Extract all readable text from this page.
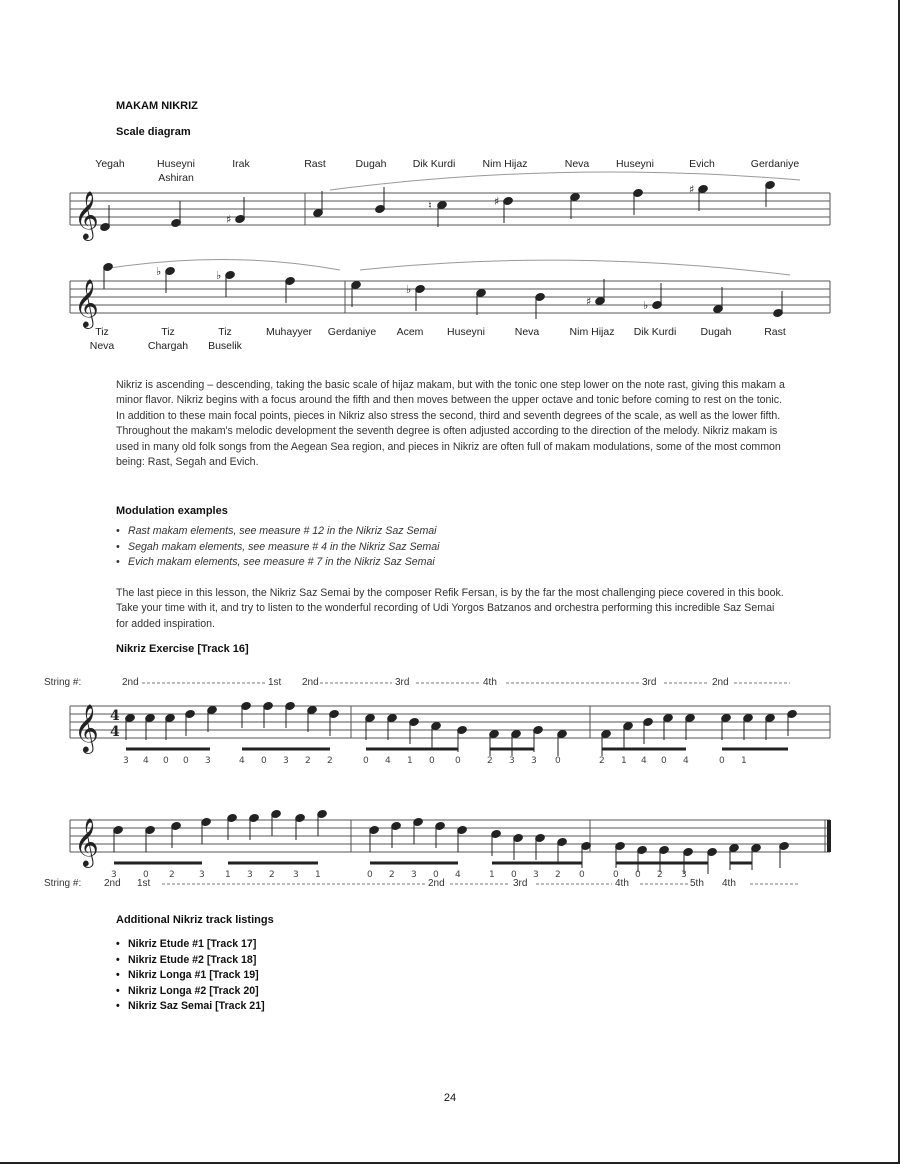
MAKAM NIKRIZ
Scale diagram
Yegah	Huseyni
Ashiran
Irak	Rast	Dugah Dik Kurdi	Nim Hijaz	Neva	Huseyni	Evich	Gerdaniye
Tiz
Neva
Tiz
Chargah
Tiz
Buselik
Muhayyer Gerdaniye Acem Huseyni	Neva	Nim Hijaz Dik Kurdi Dugah	Rast
𝄞
𝄞
𝄞
𝄞
4
4
♯
♮	♯
♯
♭	♭
♭
♯	♭
3 4 0 0 3	4 0 3 2 2	0 4 1 0 0	2 3 3 0	2 1 4 0 4	0 1
3	0 2	3 1 3 2 3 1	0 2 3 0 4	1 0 3 2 0	0 0 2 3
Nikriz is ascending – descending, taking the basic scale of hijaz makam, but with the tonic one step lower on the note rast, giving this makam a minor flavor. Nikriz begins with a focus around the fifth and then moves between the upper octave and tonic before coming to rest on the tonic. In addition to these main focal points, pieces in Nikriz also stress the second, third and seventh degrees of the scale, as well as the lower fifth. Throughout the makam's melodic development the seventh degree is often adjusted according to the direction of the melody. Nikriz makam is used in many old folk songs from the Aegean Sea region, and pieces in Nikriz are often full of makam modulations, some of the most common being: Rast, Segah and Evich.
Modulation examples
• Rast makam elements, see measure # 12 in the Nikriz Saz Semai
• Segah makam elements, see measure # 4 in the Nikriz Saz Semai
• Evich makam elements, see measure # 7 in the Nikriz Saz Semai
The last piece in this lesson, the Nikriz Saz Semai by the composer Refik Fersan, is by the far the most challenging piece covered in this book. Take your time with it, and try to listen to the wonderful recording of Udi Yorgos Batzanos and orchestra performing this incredible Saz Semai for added inspiration.
Nikriz Exercise [Track 16]
String #:	2nd	1st 2nd	3rd	4th	3rd	2nd
String #: 2nd 1st	2nd	3rd	4th	5th 4th
Additional Nikriz track listings
• Nikriz Etude #1 [Track 17]
• Nikriz Etude #2 [Track 18]
• Nikriz Longa #1 [Track 19]
• Nikriz Longa #2 [Track 20]
• Nikriz Saz Semai [Track 21]
24
